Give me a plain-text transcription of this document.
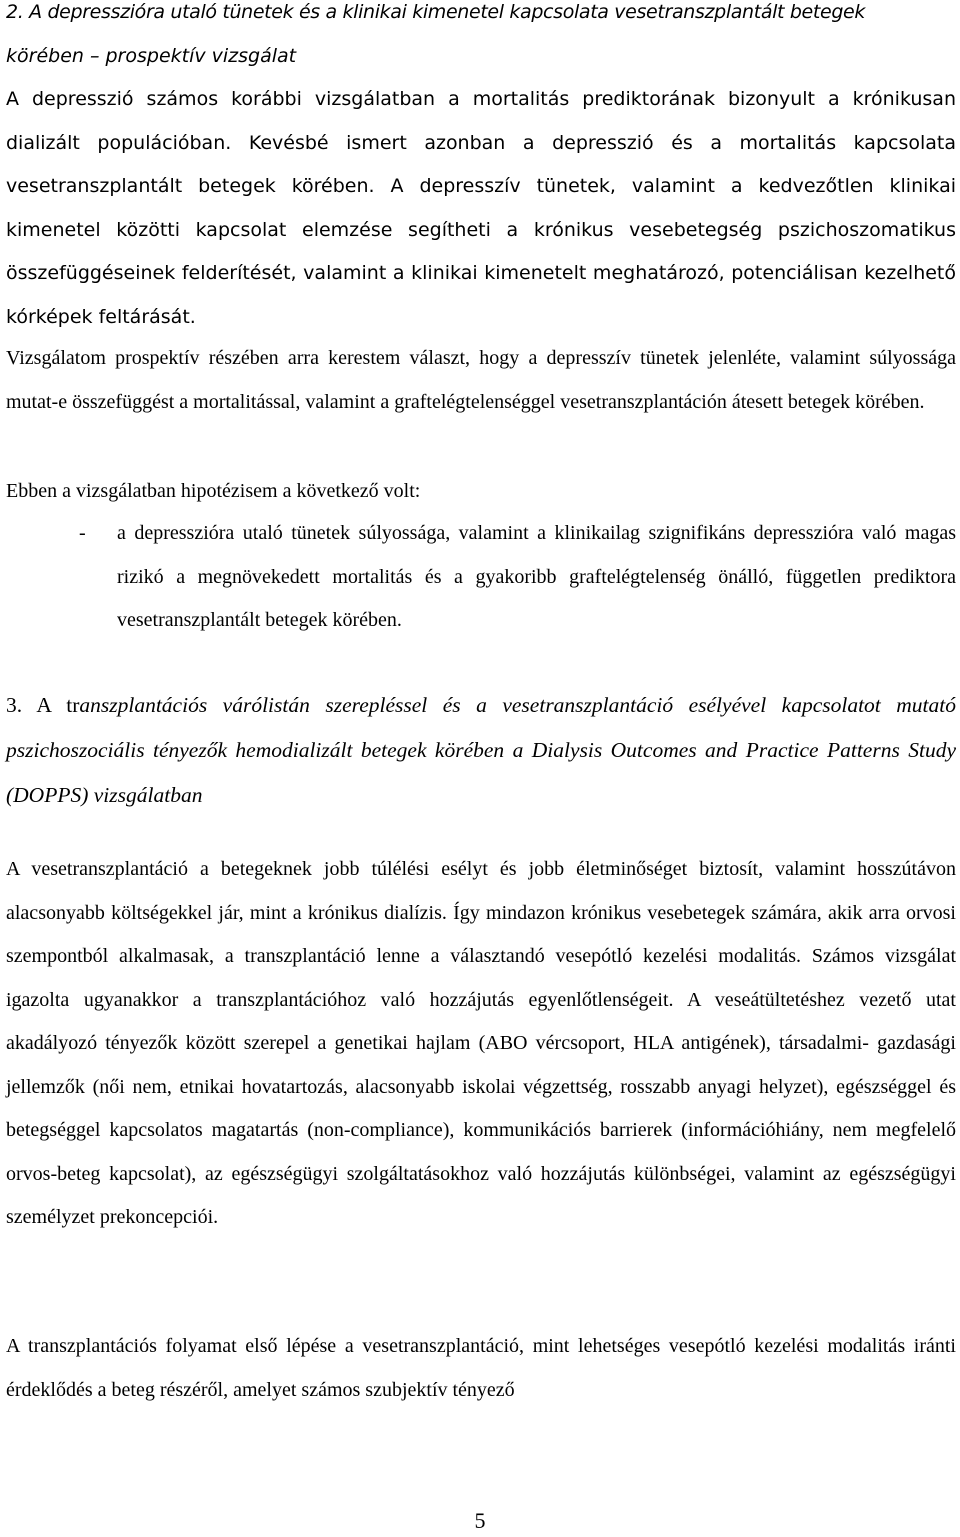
2. A depresszióra utaló tünetek és a klinikai kimenetel kapcsolata vesetranszplantált betegek
körében – prospektív vizsgálat

A depresszió számos korábbi vizsgálatban a mortalitás prediktorának bizonyult a krónikusan dializált populációban. Kevésbé ismert azonban a depresszió és a mortalitás kapcsolata vesetranszplantált betegek körében. A depresszív tünetek, valamint a kedvezőtlen klinikai kimenetel közötti kapcsolat elemzése segítheti a krónikus vesebetegség pszichoszomatikus összefüggéseinek felderítését, valamint a klinikai kimenetelt meghatározó, potenciálisan kezelhető kórképek feltárását.

Vizsgálatom prospektív részében arra kerestem választ, hogy a depresszív tünetek jelenléte, valamint súlyossága mutat-e összefüggést a mortalitással, valamint a graftelégtelenséggel vesetranszplantáción átesett betegek körében.

Ebben a vizsgálatban hipotézisem a következő volt:

- a depresszióra utaló tünetek súlyossága, valamint a klinikailag szignifikáns depresszióra való magas rizikó a megnövekedett mortalitás és a gyakoribb graftelégtelenség önálló, független prediktora vesetranszplantált betegek körében.
3. A transzplantációs várólistán szerepléssel és a vesetranszplantáció esélyével kapcsolatot mutató pszichoszociális tényezők hemodializált betegek körében a Dialysis Outcomes and Practice Patterns Study (DOPPS) vizsgálatban

A vesetranszplantáció a betegeknek jobb túlélési esélyt és jobb életminőséget biztosít, valamint hosszútávon alacsonyabb költségekkel jár, mint a krónikus dialízis. Így mindazon krónikus vesebetegek számára, akik arra orvosi szempontból alkalmasak, a transzplantáció lenne a választandó vesepótló kezelési modalitás. Számos vizsgálat igazolta ugyanakkor a transzplantációhoz való hozzájutás egyenlőtlenségeit. A veseátültetéshez vezető utat akadályozó tényezők között szerepel a genetikai hajlam (ABO vércsoport, HLA antigének), társadalmi- gazdasági jellemzők (női nem, etnikai hovatartozás, alacsonyabb iskolai végzettség, rosszabb anyagi helyzet), egészséggel és betegséggel kapcsolatos magatartás (non-compliance), kommunikációs barrierek (információhiány, nem megfelelő orvos-beteg kapcsolat), az egészségügyi szolgáltatásokhoz való hozzájutás különbségei, valamint az egészségügyi személyzet prekoncepciói.

A transzplantációs folyamat első lépése a vesetranszplantáció, mint lehetséges vesepótló kezelési modalitás iránti érdeklődés a beteg részéről, amelyet számos szubjektív tényező

5
